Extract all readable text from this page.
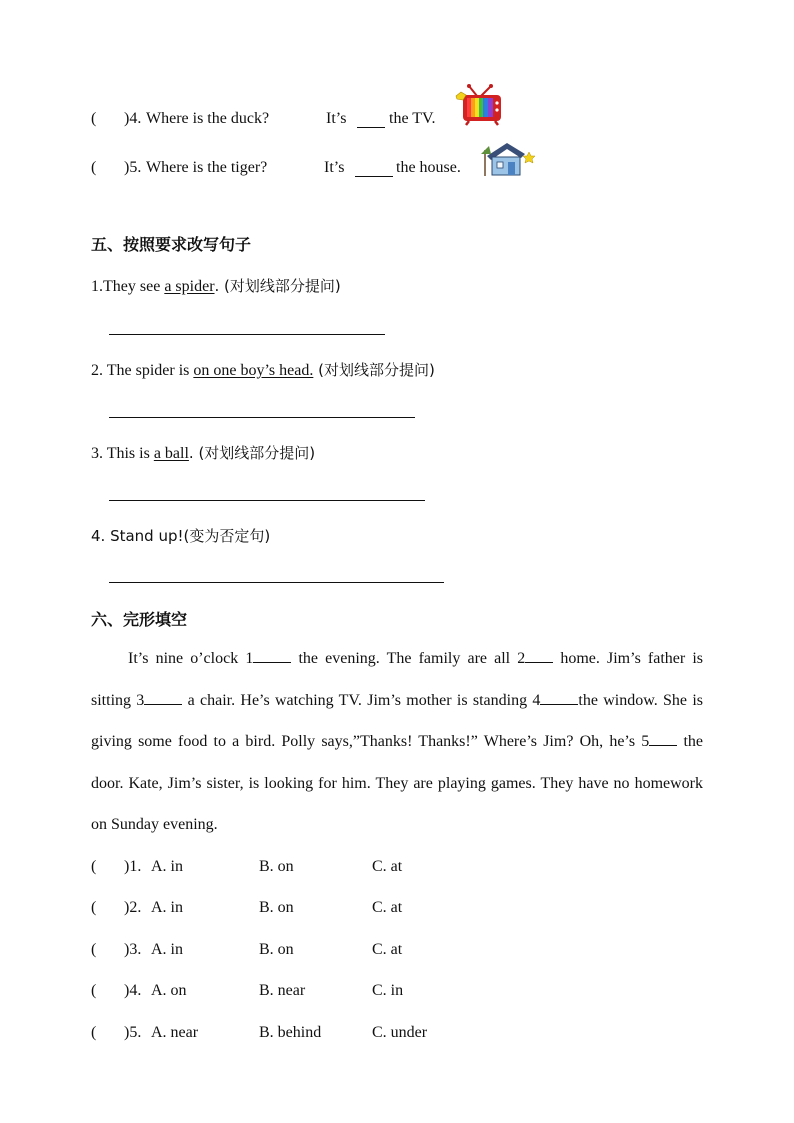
( )4. Where is the duck?	It’s	the TV.
( )5. Where is the tiger?	It’s	the house.
五、按照要求改写句子
1.They see a spider. (对划线部分提问)
2. The spider is on one boy’s head. (对划线部分提问)
3. This is a ball. (对划线部分提问)
4. Stand up!(变为否定句)
六、完形填空
It’s nine o’clock 1 the evening. The family are all 2 home. Jim’s father is sitting 3 a chair. He’s watching TV. Jim’s mother is standing 4 the window. She is giving some food to a bird. Polly says,”Thanks! Thanks!” Where’s Jim? Oh, he’s 5 the door. Kate, Jim’s sister, is looking for him. They are playing games. They have no homework on Sunday evening.
( )1. A. in	B. on	C. at
( )2. A. in	B. on	C. at
( )3. A. in	B. on	C. at
( )4. A. on	B. near	C. in
( )5. A. near	B. behind	C. under
